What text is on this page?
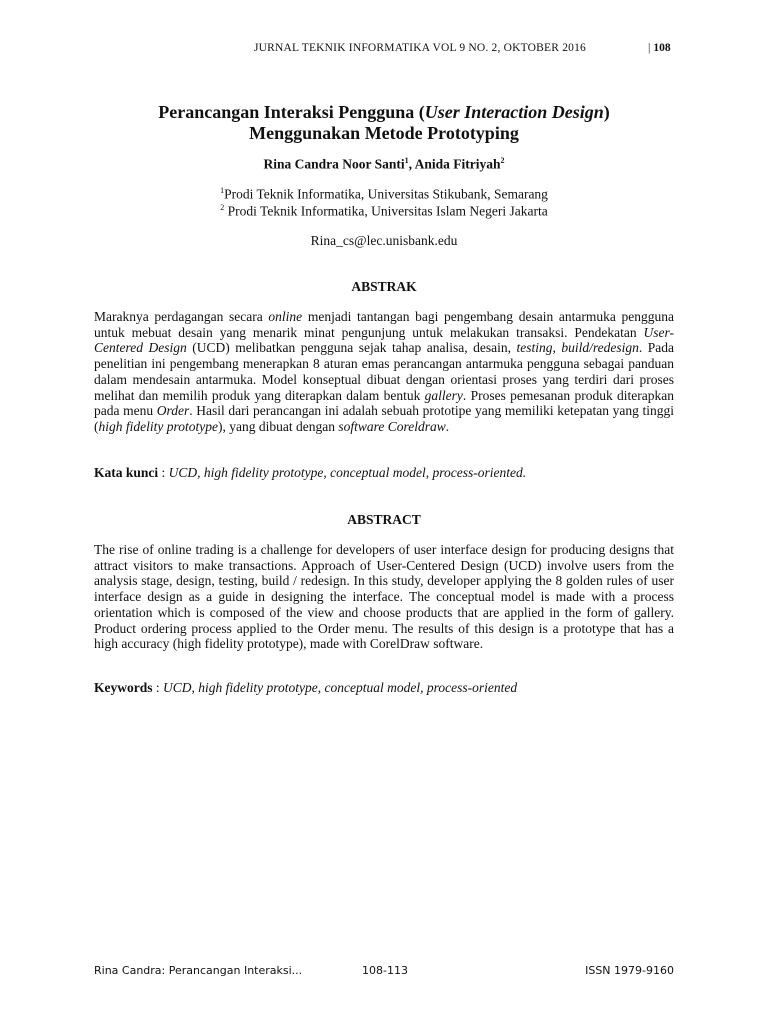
JURNAL TEKNIK INFORMATIKA VOL 9 NO. 2, OKTOBER 2016	| 108
Perancangan Interaksi Pengguna (User Interaction Design)
Menggunakan Metode Prototyping
Rina Candra Noor Santi$^1$, Anida Fitriyah$^2$
$^1$Prodi Teknik Informatika, Universitas Stikubank, Semarang
$^2$ Prodi Teknik Informatika, Universitas Islam Negeri Jakarta
Rina_cs@lec.unisbank.edu
ABSTRAK

Maraknya perdagangan secara online menjadi tantangan bagi pengembang desain antarmuka pengguna untuk mebuat desain yang menarik minat pengunjung untuk melakukan transaksi. Pendekatan User-Centered Design (UCD) melibatkan pengguna sejak tahap analisa, desain, testing, build/redesign. Pada penelitian ini pengembang menerapkan 8 aturan emas perancangan antarmuka pengguna sebagai panduan dalam mendesain antarmuka. Model konseptual dibuat dengan orientasi proses yang terdiri dari proses melihat dan memilih produk yang diterapkan dalam bentuk gallery. Proses pemesanan produk diterapkan pada menu Order. Hasil dari perancangan ini adalah sebuah prototipe yang memiliki ketepatan yang tinggi (high fidelity prototype), yang dibuat dengan software Coreldraw.

Kata kunci : UCD, high fidelity prototype, conceptual model, process-oriented.
ABSTRACT

The rise of online trading is a challenge for developers of user interface design for producing designs that attract visitors to make transactions. Approach of User-Centered Design (UCD) involve users from the analysis stage, design, testing, build / redesign. In this study, developer applying the 8 golden rules of user interface design as a guide in designing the interface. The conceptual model is made with a process orientation which is composed of the view and choose products that are applied in the form of gallery. Product ordering process applied to the Order menu. The results of this design is a prototype that has a high accuracy (high fidelity prototype), made with CorelDraw software.

Keywords : UCD, high fidelity prototype, conceptual model, process-oriented
Rina Candra: Perancangan Interaksi...	108-113	ISSN 1979-9160
